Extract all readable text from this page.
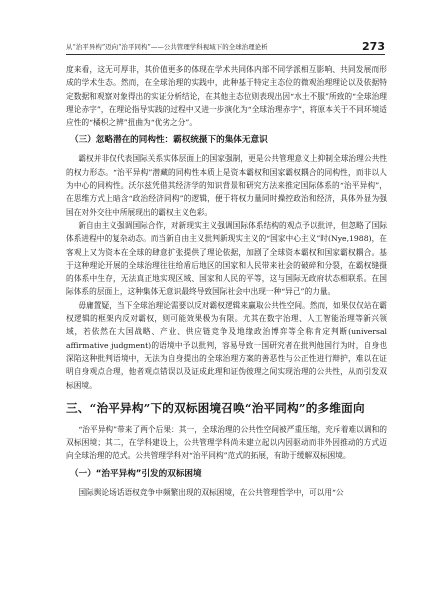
从“治平异构”迈向“治平同构”——公共管理学科视域下的全球治理论析	273

度来看，这无可厚非，其价值更多的体现在学术共同体内部不同学派相互影响、共同发展而形成的学术生态。然而，在全球治理的实践中，此种基于特定主态位的微观治理理论以及依据特定数据和观察对象得出的实证分析结论，在其他主态位则表现出因“水土不服”所致的“全球治理理论赤字”，在理论指导实践的过程中又进一步演化为“全球治理赤字”，将原本关于不同环境适应性的“橘枳之辨”扭曲为“优劣之分”。

（三）忽略潜在的同构性：霸权统摄下的集体无意识

霸权并非仅代表国际关系实体层面上的国家强制，更是公共管理意义上抑制全球治理公共性的权力形态。“治平异构”潜藏的同构性本质上是资本霸权和国家霸权耦合的同构性，而非以人为中心的同构性。沃尔兹凭借其经济学的知识背景和研究方法来推定国际体系的“治平异构”，在思维方式上暗含“政治经济同构”的逻辑，便于将权力量同时操控政治和经济，具体外显为强国在对外交往中所展现出的霸权主义色彩。

新自由主义强调国际合作，对新现实主义强调国际体系结构的观点予以批评，但忽略了国际体系进程中的复杂动态。而当新自由主义批判新现实主义的“国家中心主义”时(Nye,1988)，在客观上又为资本在全球的肆意扩张提供了理论依据，加剧了全球资本霸权和国家霸权耦合。基于这种理论开展的全球治理往往给盾后地区的国家和人民带来社会的破碎和分裂，在霸权缝摄的体系中生存，无法真正地实现区域、国家和人民的平等，这与国际无政府状态相联系。在国际体系的层面上，这种集体无意识最终导致国际社会中出现一种“异己”的力量。

毋庸置疑，当下全球治理论需要以反对霸权逻辑来赢取公共性空间。然而，如果仅仅站在霸权逻辑的框架内反对霸权，则可能效果极为有限。尤其在数字治理、人工智能治理等新兴领域，若依然在大国战略、产业、供应链竞争及地缘政治博弈等全称肯定判断(universal affirmative judgment)的语境中予以批判，容易导致一国研究者在批判他国行为时，自身也深陷这种批判语境中，无法为自身提出的全球治理方案的善恶性与公正性进行辩护，难以在证明自身观点合理，他者观点错误以及证成此理和证伪彼理之间实现治理的公共性，从而引发双标困境。

三、“治平异构”下的双标困境召唤“治平同构”的多维面向

“治平异构”带来了两个后果：其一，全球治理的公共性空间被严重压缩，充斥着难以调和的双标困境；其二，在学科建设上，公共管理学科尚未建立起以内因驱动而非外因推动的方式迈向全球治理的范式。公共管理学科对“治平同构”范式的拓展，有助于缓解双标困境。

（一）“治平异构”引发的双标困境

国际舆论场话语权竞争中频繁出现的双标困境，在公共管理哲学中，可以用“公
